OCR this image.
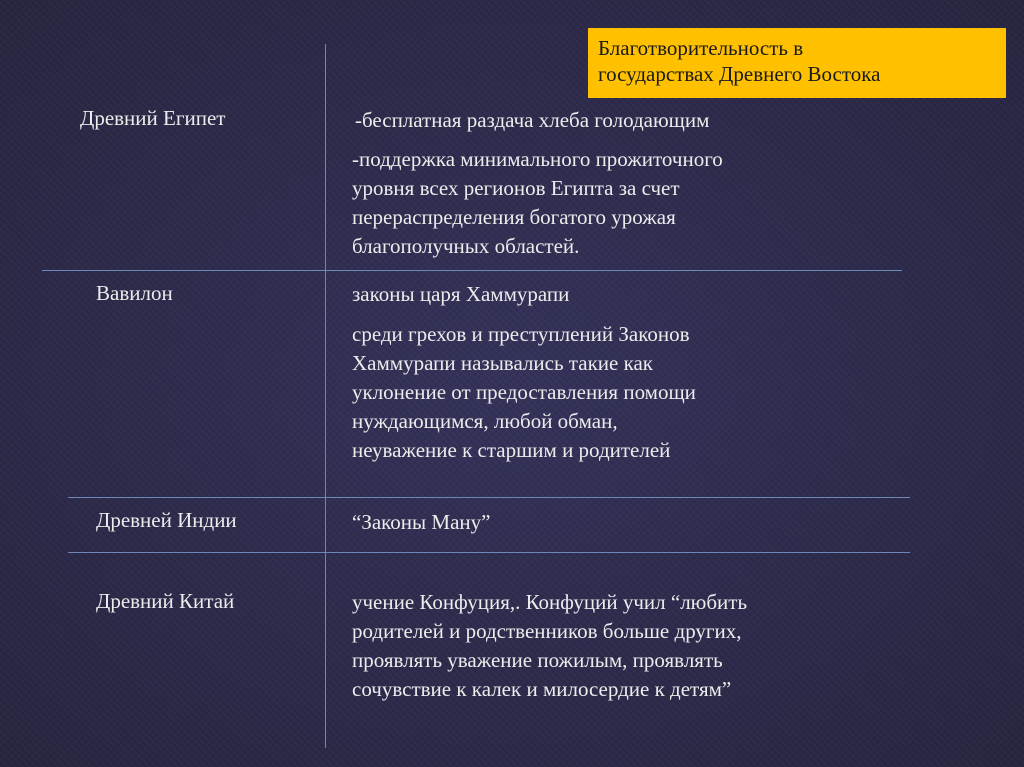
Благотворительность в
государствах Древнего Востока
Древний Египет	-бесплатная раздача хлеба голодающим
-поддержка минимального прожиточного
уровня всех регионов Египта за счет
перераспределения богатого урожая
благополучных областей.
Вавилон	законы царя Хаммурапи
среди грехов и преступлений Законов
Хаммурапи назывались такие как
уклонение от предоставления помощи
нуждающимся, любой обман,
неуважение к старшим и родителей
Древней Индии	“Законы Ману”
Древний Китай	учение Конфуция,. Конфуций учил “любить
родителей и родственников больше других,
проявлять уважение пожилым, проявлять
сочувствие к калек и милосердие к детям”
